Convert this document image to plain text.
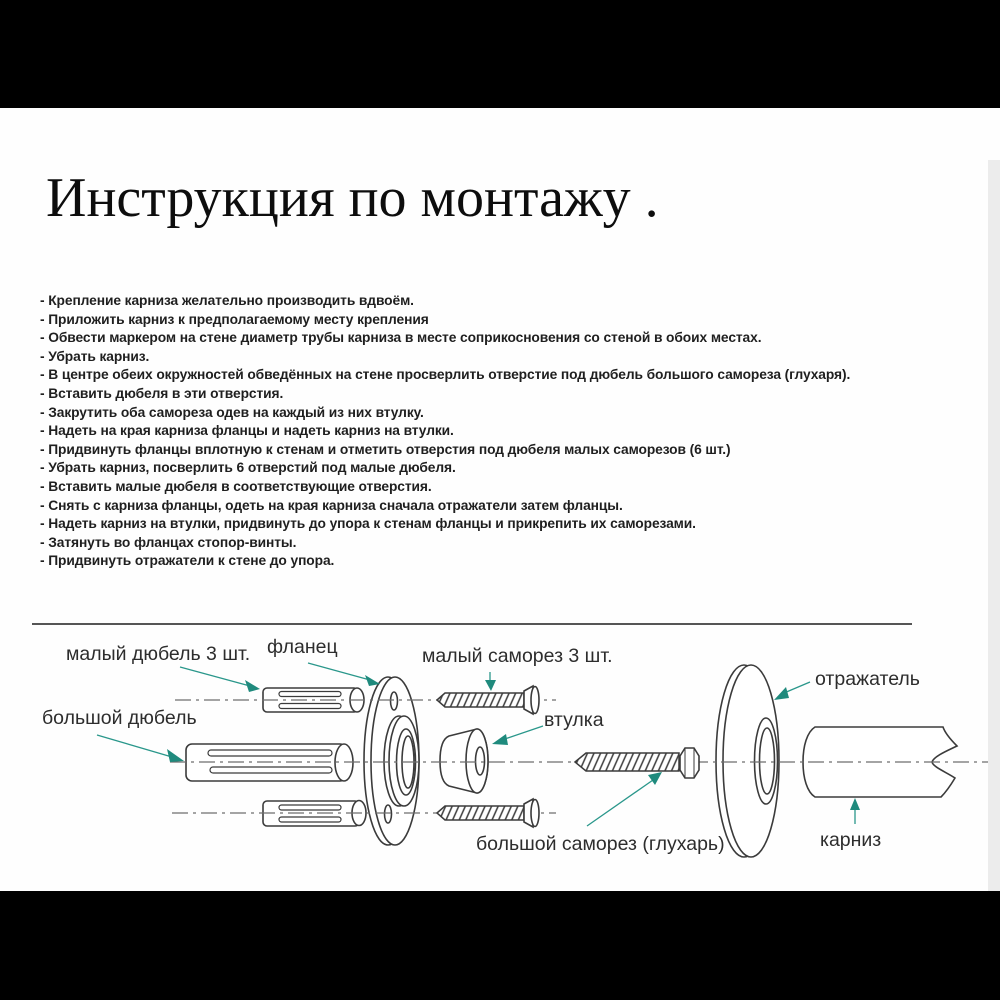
Инструкция по монтажу .
- Крепление карниза желательно производить вдвоём.
- Приложить карниз к предполагаемому месту крепления
- Обвести маркером на стене диаметр трубы карниза в месте соприкосновения со стеной в обоих местах.
- Убрать карниз.
- В центре обеих окружностей обведённых на стене просверлить отверстие под дюбель большого самореза (глухаря).
- Вставить дюбеля в эти отверстия.
- Закрутить оба самореза одев на каждый из них втулку.
- Надеть на края карниза фланцы и надеть карниз на втулки.
- Придвинуть фланцы вплотную к стенам и отметить отверстия под дюбеля малых саморезов (6 шт.)
- Убрать карниз, посверлить 6 отверстий под малые дюбеля.
- Вставить малые дюбеля в соответствующие отверстия.
- Снять с карниза фланцы, одеть на края карниза сначала отражатели затем фланцы.
- Надеть карниз на втулки, придвинуть до упора к стенам фланцы и прикрепить их саморезами.
- Затянуть во фланцах стопор-винты.
- Придвинуть отражатели к стене до упора.
малый дюбель 3 шт. фланец	малый саморез 3 шт.
большой дюбель	втулка
отражатель
большой саморез (глухарь)	карниз
